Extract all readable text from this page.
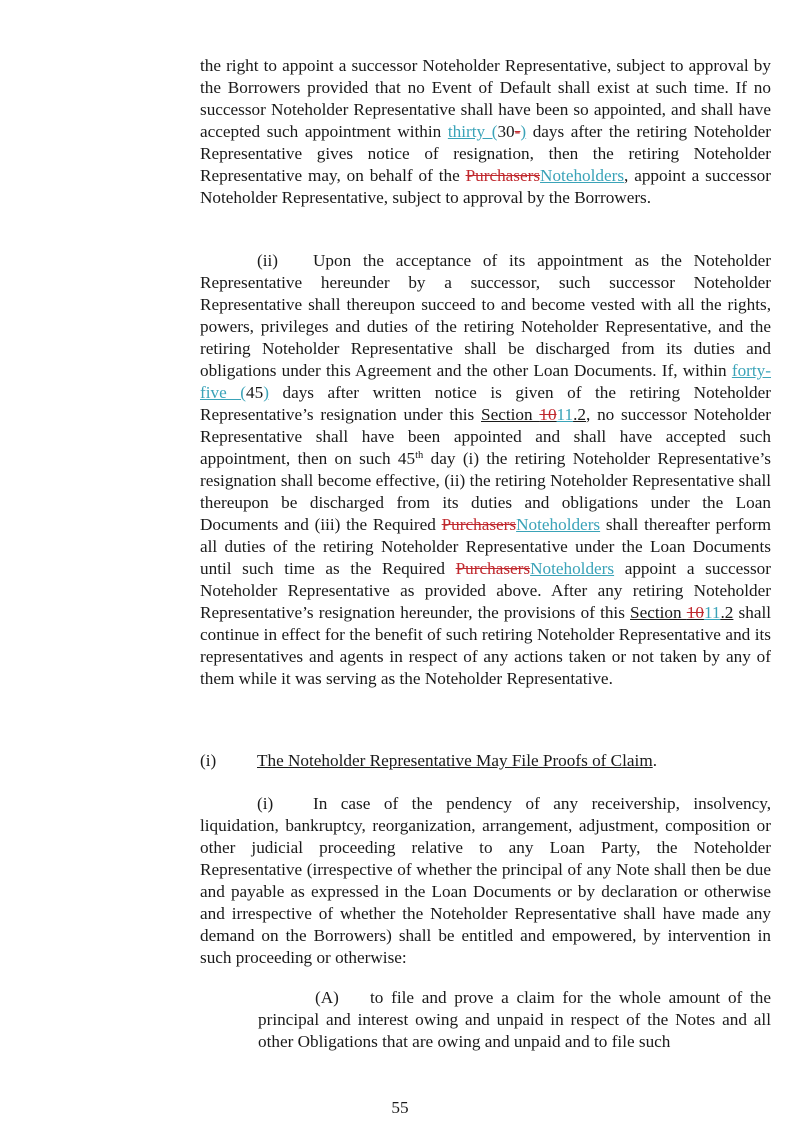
the right to appoint a successor Noteholder Representative, subject to approval by the Borrowers provided that no Event of Default shall exist at such time. If no successor Noteholder Representative shall have been so appointed, and shall have accepted such appointment within thirty (30-) days after the retiring Noteholder Representative gives notice of resignation, then the retiring Noteholder Representative may, on behalf of the PurchasersNoteholders, appoint a successor Noteholder Representative, subject to approval by the Borrowers.

(ii) Upon the acceptance of its appointment as the Noteholder Representative hereunder by a successor, such successor Noteholder Representative shall thereupon succeed to and become vested with all the rights, powers, privileges and duties of the retiring Noteholder Representative, and the retiring Noteholder Representative shall be discharged from its duties and obligations under this Agreement and the other Loan Documents. If, within forty-five (45) days after written notice is given of the retiring Noteholder Representative’s resignation under this Section 1011.2, no successor Noteholder Representative shall have been appointed and shall have accepted such appointment, then on such 45th day (i) the retiring Noteholder Representative’s resignation shall become effective, (ii) the retiring Noteholder Representative shall thereupon be discharged from its duties and obligations under the Loan Documents and (iii) the Required PurchasersNoteholders shall thereafter perform all duties of the retiring Noteholder Representative under the Loan Documents until such time as the Required PurchasersNoteholders appoint a successor Noteholder Representative as provided above. After any retiring Noteholder Representative’s resignation hereunder, the provisions of this Section 1011.2 shall continue in effect for the benefit of such retiring Noteholder Representative and its representatives and agents in respect of any actions taken or not taken by any of them while it was serving as the Noteholder Representative.

(i) The Noteholder Representative May File Proofs of Claim.

(i) In case of the pendency of any receivership, insolvency, liquidation, bankruptcy, reorganization, arrangement, adjustment, composition or other judicial proceeding relative to any Loan Party, the Noteholder Representative (irrespective of whether the principal of any Note shall then be due and payable as expressed in the Loan Documents or by declaration or otherwise and irrespective of whether the Noteholder Representative shall have made any demand on the Borrowers) shall be entitled and empowered, by intervention in such proceeding or otherwise:

(A) to file and prove a claim for the whole amount of the principal and interest owing and unpaid in respect of the Notes and all other Obligations that are owing and unpaid and to file such

55
